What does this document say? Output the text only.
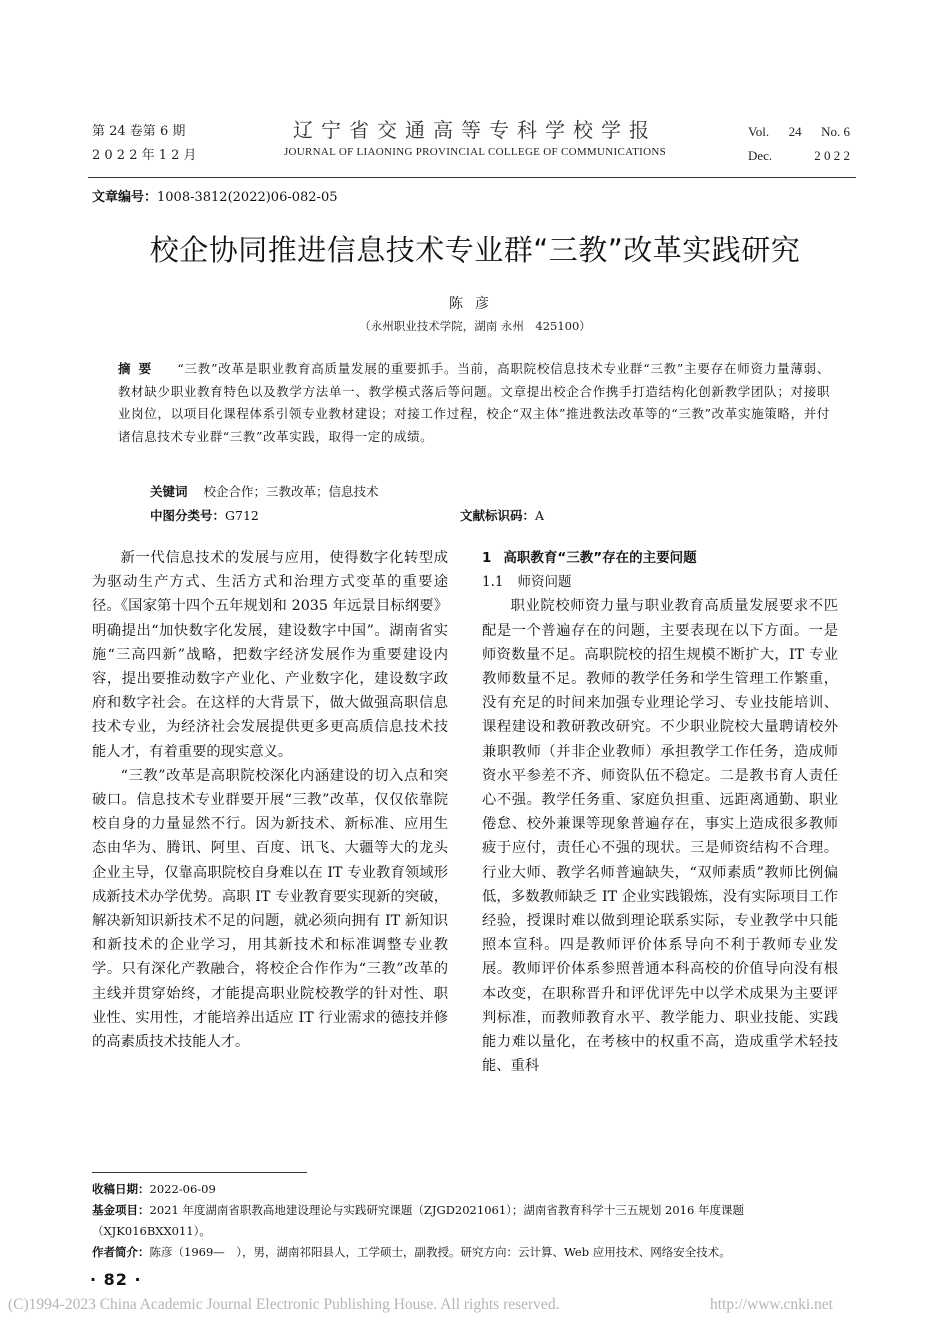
第 24 卷第 6 期
2 0 2 2 年 1 2 月
辽宁省交通高等专科学校学报
JOURNAL OF LIAONING PROVINCIAL COLLEGE OF COMMUNICATIONS
Vol. 24 No. 6
Dec.	2 0 2 2
文章编号：1008-3812(2022)06-082-05
校企协同推进信息技术专业群“三教”改革实践研究
陈彦
（永州职业技术学院，湖南 永州　425100）
摘要 “三教”改革是职业教育高质量发展的重要抓手。当前，高职院校信息技术专业群“三教”主要存在师资力量薄弱、教材缺少职业教育特色以及教学方法单一、教学模式落后等问题。文章提出校企合作携手打造结构化创新教学团队；对接职业岗位，以项目化课程体系引领专业教材建设；对接工作过程，校企“双主体”推进教法改革等的“三教”改革实施策略，并付诸信息技术专业群“三教”改革实践，取得一定的成绩。
关键词 校企合作；三教改革；信息技术
中图分类号：G712	文献标识码：A

新一代信息技术的发展与应用，使得数字化转型成为驱动生产方式、生活方式和治理方式变革的重要途径。《国家第十四个五年规划和 2035 年远景目标纲要》明确提出“加快数字化发展，建设数字中国”。湖南省实施“三高四新”战略，把数字经济发展作为重要建设内容，提出要推动数字产业化、产业数字化，建设数字政府和数字社会。在这样的大背景下，做大做强高职信息技术专业，为经济社会发展提供更多更高质信息技术技能人才，有着重要的现实意义。

“三教”改革是高职院校深化内涵建设的切入点和突破口。信息技术专业群要开展“三教”改革，仅仅依靠院校自身的力量显然不行。因为新技术、新标准、应用生态由华为、腾讯、阿里、百度、讯飞、大疆等大的龙头企业主导，仅靠高职院校自身难以在 IT 专业教育领域形成新技术办学优势。高职 IT 专业教育要实现新的突破，解决新知识新技术不足的问题，就必须向拥有 IT 新知识和新技术的企业学习，用其新技术和标准调整专业教学。只有深化产教融合，将校企合作作为“三教”改革的主线并贯穿始终，才能提高职业院校教学的针对性、职业性、实用性，才能培养出适应 IT 行业需求的德技并修的高素质技术技能人才。

1 高职教育“三教”存在的主要问题

1.1 师资问题

职业院校师资力量与职业教育高质量发展要求不匹配是一个普遍存在的问题，主要表现在以下方面。一是师资数量不足。高职院校的招生规模不断扩大，IT 专业教师数量不足。教师的教学任务和学生管理工作繁重，没有充足的时间来加强专业理论学习、专业技能培训、课程建设和教研教改研究。不少职业院校大量聘请校外兼职教师（并非企业教师）承担教学工作任务，造成师资水平参差不齐、师资队伍不稳定。二是教书育人责任心不强。教学任务重、家庭负担重、远距离通勤、职业倦怠、校外兼课等现象普遍存在，事实上造成很多教师疲于应付，责任心不强的现状。三是师资结构不合理。行业大师、教学名师普遍缺失，“双师素质”教师比例偏低，多数教师缺乏 IT 企业实践锻炼，没有实际项目工作经验，授课时难以做到理论联系实际，专业教学中只能照本宣科。四是教师评价体系导向不利于教师专业发展。教师评价体系参照普通本科高校的价值导向没有根本改变，在职称晋升和评优评先中以学术成果为主要评判标准，而教师教育水平、教学能力、职业技能、实践能力难以量化，在考核中的权重不高，造成重学术轻技能、重科

收稿日期：2022-06-09
基金项目：2021 年度湖南省职教高地建设理论与实践研究课题（ZJGD2021061）；湖南省教育科学十三五规划 2016 年度课题（XJK016BXX011）。
作者简介：陈彦（1969—　），男，湖南祁阳县人，工学硕士，副教授。研究方向：云计算、Web 应用技术、网络安全技术。
· 82 ·
(C)1994-2023 China Academic Journal Electronic Publishing House. All rights reserved.	http://www.cnki.net
